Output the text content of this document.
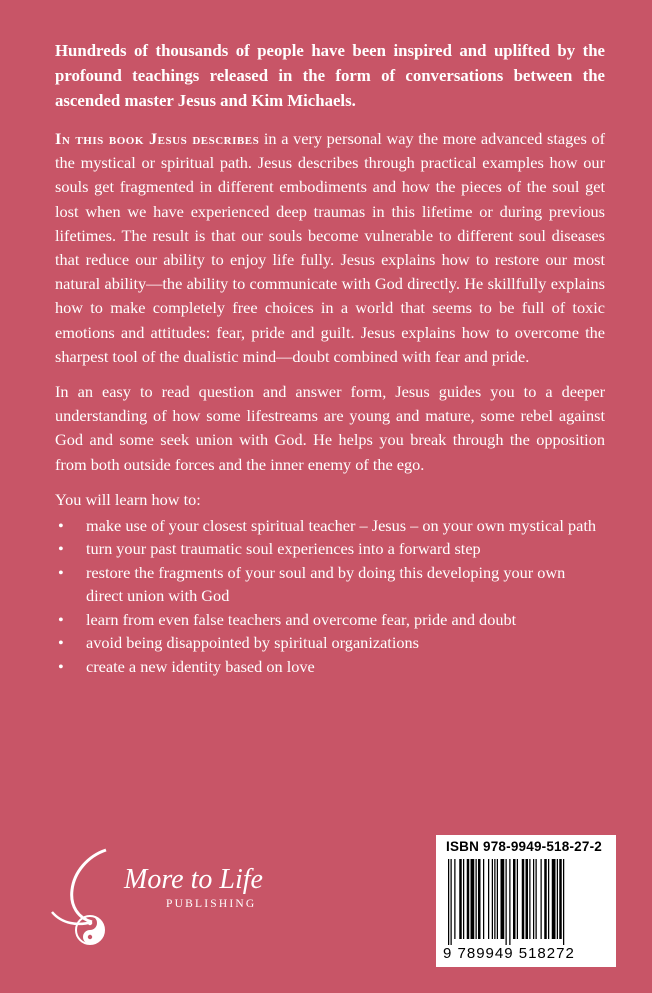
Hundreds of thousands of people have been inspired and uplifted by the profound teachings released in the form of conversations between the ascended master Jesus and Kim Michaels.

In this book Jesus describes in a very personal way the more advanced stages of the mystical or spiritual path. Jesus describes through practical examples how our souls get fragmented in different embodiments and how the pieces of the soul get lost when we have experienced deep traumas in this lifetime or during previous lifetimes. The result is that our souls become vulnerable to different soul diseases that reduce our ability to enjoy life fully. Jesus explains how to restore our most natural ability—the ability to communicate with God directly. He skillfully explains how to make completely free choices in a world that seems to be full of toxic emotions and attitudes: fear, pride and guilt. Jesus explains how to overcome the sharpest tool of the dualistic mind—doubt combined with fear and pride.

In an easy to read question and answer form, Jesus guides you to a deeper understanding of how some lifestreams are young and mature, some rebel against God and some seek union with God. He helps you break through the opposition from both outside forces and the inner enemy of the ego.

You will learn how to:

• make use of your closest spiritual teacher – Jesus – on your own mystical path
• turn your past traumatic soul experiences into a forward step
• restore the fragments of your soul and by doing this developing your own direct union with God
• learn from even false teachers and overcome fear, pride and doubt
• avoid being disappointed by spiritual organizations
• create a new identity based on love
More to Life
PUBLISHING
ISBN 978-9949-518-27-2
9 789949 518272
